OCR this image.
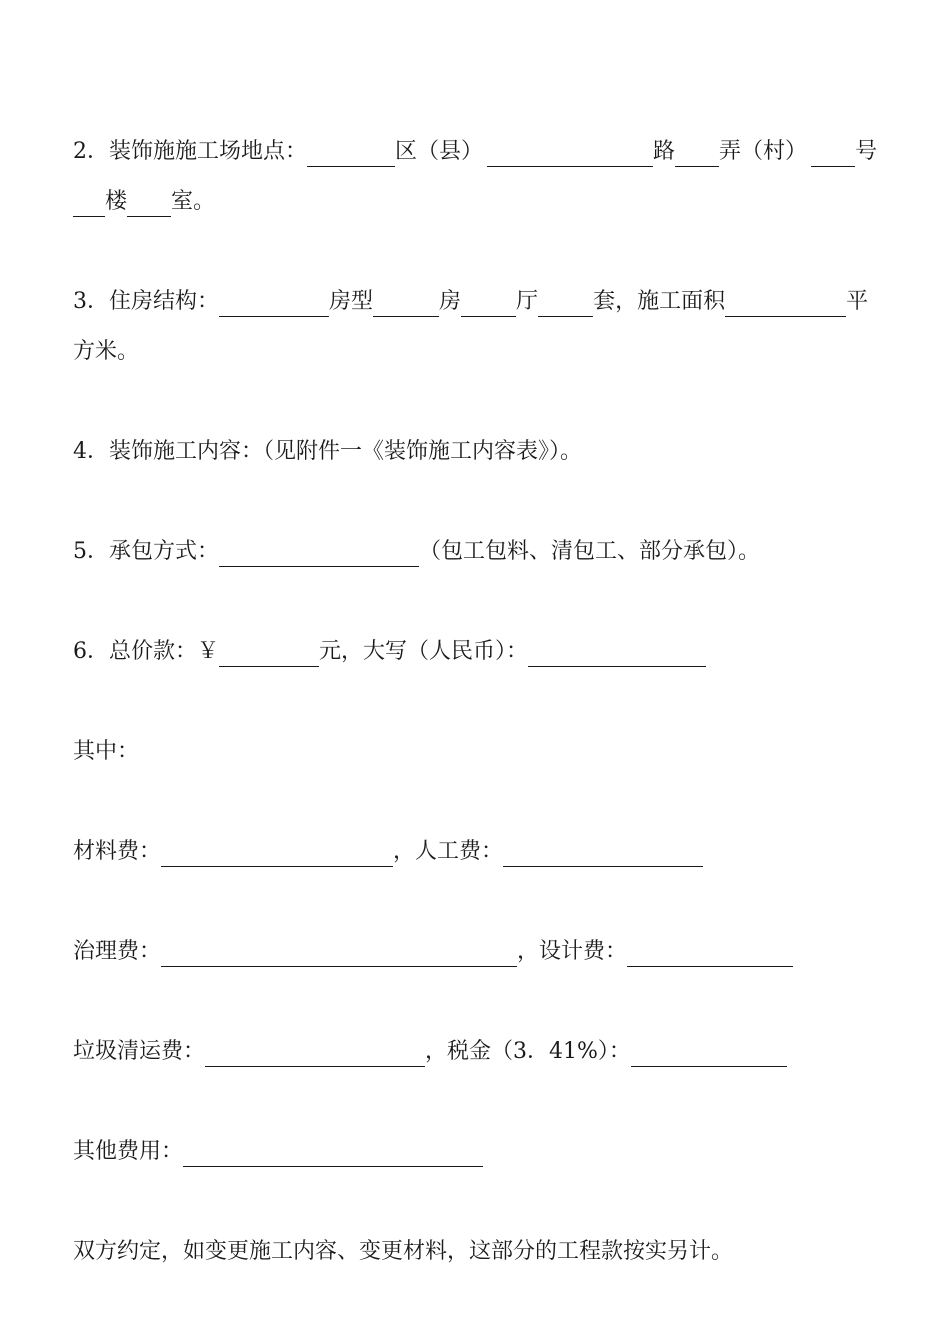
2． 装饰施施工场地点：	区（县）	路 弄（村） 号
楼 室。
3． 住房结构：	房型	房	厅	套，施工面积	平
方米。
4．装饰施工内容：（见附件一《装饰施工内容表》）。
5． 承包方式：	（包工包料、清包工、部分承包）。
6． 总价款：￥	元，大写（人民币）：
其中：
材料费：	，人工费：
治理费：	，设计费：
垃圾清运费：	，税金（3．41%）：
其他费用：
双方约定，如变更施工内容、变更材料，这部分的工程款按实另计。
